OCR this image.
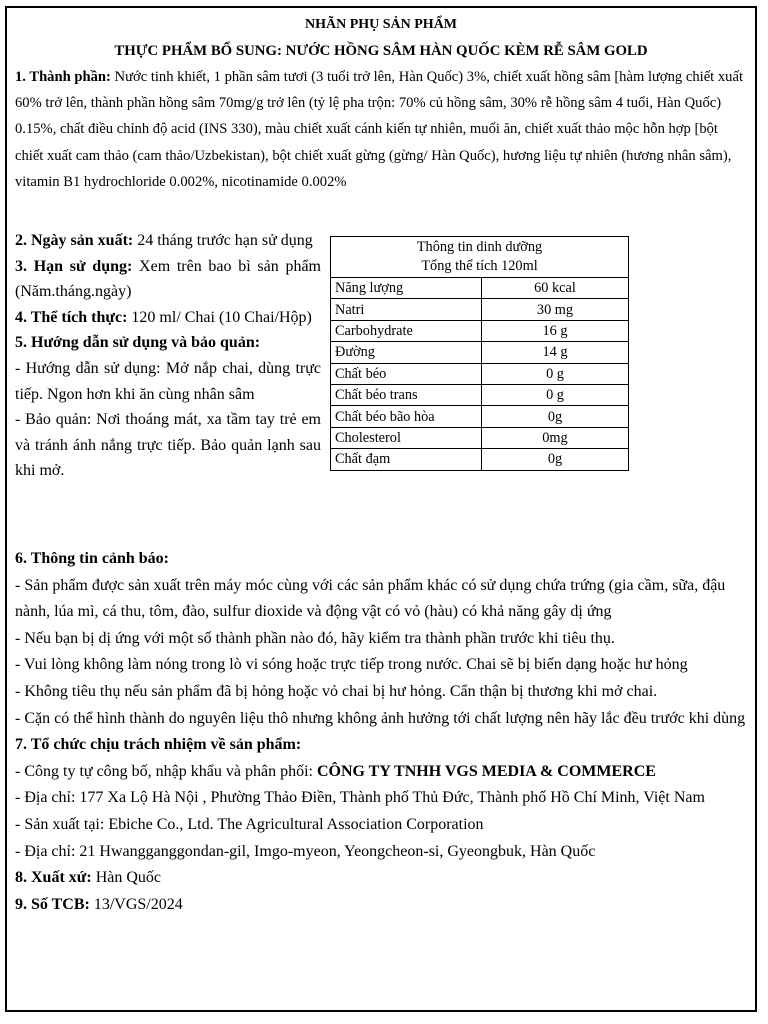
NHÃN PHỤ SẢN PHẨM
THỰC PHẨM BỔ SUNG: NƯỚC HỒNG SÂM HÀN QUỐC KÈM RỄ SÂM GOLD

1. Thành phần: Nước tinh khiết, 1 phần sâm tươi (3 tuổi trở lên, Hàn Quốc) 3%, chiết xuất hồng sâm [hàm lượng chiết xuất 60% trở lên, thành phần hồng sâm 70mg/g trở lên (tỷ lệ pha trộn: 70% củ hồng sâm, 30% rễ hồng sâm 4 tuổi, Hàn Quốc) 0.15%, chất điều chỉnh độ acid (INS 330), màu chiết xuất cánh kiến tự nhiên, muối ăn, chiết xuất thảo mộc hỗn hợp [bột chiết xuất cam thảo (cam thảo/Uzbekistan), bột chiết xuất gừng (gừng/ Hàn Quốc), hương liệu tự nhiên (hương nhân sâm), vitamin B1 hydrochloride 0.002%, nicotinamide 0.002%

2. Ngày sản xuất: 24 tháng trước hạn sử dụng

3. Hạn sử dụng: Xem trên bao bì sản phẩm (Năm.tháng.ngày)

4. Thể tích thực: 120 ml/ Chai (10 Chai/Hộp)

5. Hướng dẫn sử dụng và bảo quản:

- Hướng dẫn sử dụng: Mở nắp chai, dùng trực tiếp. Ngon hơn khi ăn cùng nhân sâm

- Bảo quản: Nơi thoáng mát, xa tầm tay trẻ em và tránh ánh nắng trực tiếp. Bảo quản lạnh sau khi mở.

Thông tin dinh dưỡng
Tổng thể tích 120ml	
Năng lượng	60 kcal
Natri	30 mg
Carbohydrate	16 g
Đường	14 g
Chất béo	0 g
Chất béo trans	0 g
Chất béo bão hòa	0g
Cholesterol	0mg
Chất đạm	0g

6. Thông tin cảnh báo:

- Sản phẩm được sản xuất trên máy móc cùng với các sản phẩm khác có sử dụng chứa trứng (gia cầm, sữa, đậu nành, lúa mì, cá thu, tôm, đào, sulfur dioxide và động vật có vỏ (hàu) có khả năng gây dị ứng

- Nếu bạn bị dị ứng với một số thành phần nào đó, hãy kiểm tra thành phần trước khi tiêu thụ.

- Vui lòng không làm nóng trong lò vi sóng hoặc trực tiếp trong nước. Chai sẽ bị biến dạng hoặc hư hỏng

- Không tiêu thụ nếu sản phẩm đã bị hỏng hoặc vỏ chai bị hư hỏng. Cẩn thận bị thương khi mở chai.

- Cặn có thể hình thành do nguyên liệu thô nhưng không ảnh hưởng tới chất lượng nên hãy lắc đều trước khi dùng

7. Tổ chức chịu trách nhiệm về sản phẩm:

- Công ty tự công bố, nhập khẩu và phân phối: CÔNG TY TNHH VGS MEDIA & COMMERCE

- Địa chỉ: 177 Xa Lộ Hà Nội , Phường Thảo Điền, Thành phố Thủ Đức, Thành phố Hồ Chí Minh, Việt Nam

- Sản xuất tại: Ebiche Co., Ltd. The Agricultural Association Corporation

- Địa chỉ: 21 Hwangganggondan-gil, Imgo-myeon, Yeongcheon-si, Gyeongbuk, Hàn Quốc

8. Xuất xứ: Hàn Quốc

9. Số TCB: 13/VGS/2024
